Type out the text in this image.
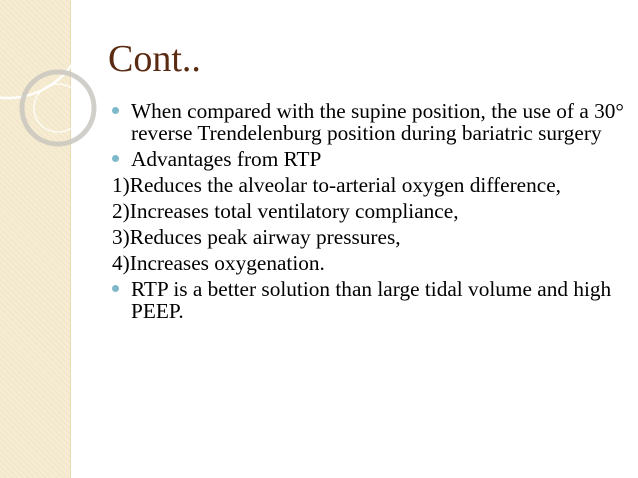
Cont..
When compared with the supine position, the use of a 30° reverse Trendelenburg position during bariatric surgery
Advantages from RTP
1)Reduces the alveolar to-arterial oxygen difference,
2)Increases total ventilatory compliance,
3)Reduces peak airway pressures,
4)Increases oxygenation.
RTP is a better solution than large tidal volume and high PEEP.
